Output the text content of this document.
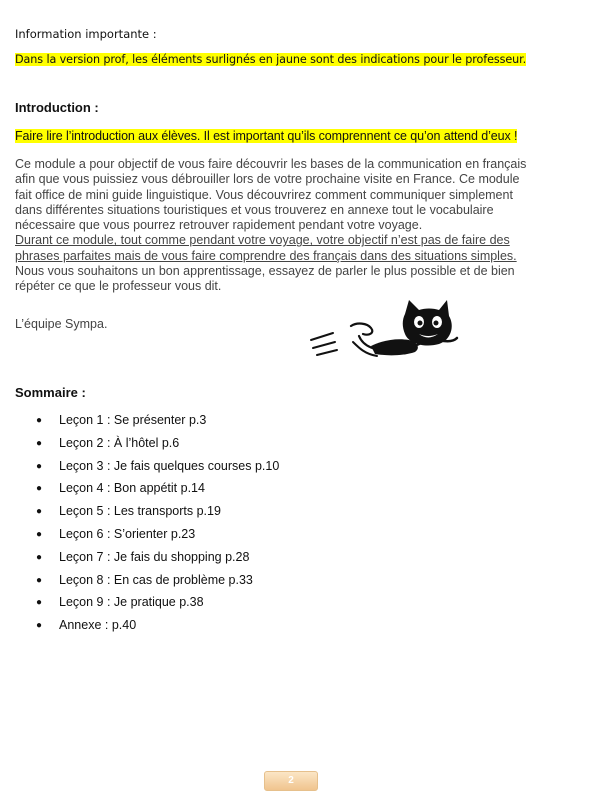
Information importante :
Dans la version prof, les éléments surlignés en jaune sont des indications pour le professeur.
Introduction :
Faire lire l’introduction aux élèves. Il est important qu’ils comprennent ce qu’on attend d’eux !
Ce module a pour objectif de vous faire découvrir les bases de la communication en français
afin que vous puissiez vous débrouiller lors de votre prochaine visite en France. Ce module
fait office de mini guide linguistique. Vous découvrirez comment communiquer simplement
dans différentes situations touristiques et vous trouverez en annexe tout le vocabulaire
nécessaire que vous pourrez retrouver rapidement pendant votre voyage.
Durant ce module, tout comme pendant votre voyage, votre objectif n’est pas de faire des
phrases parfaites mais de vous faire comprendre des français dans des situations simples.
Nous vous souhaitons un bon apprentissage, essayez de parler le plus possible et de bien
répéter ce que le professeur vous dit.
L’équipe Sympa.
Sommaire :
●	Leçon 1 : Se présenter p.3
●	Leçon 2 : À l’hôtel p.6
●	Leçon 3 : Je fais quelques courses p.10
●	Leçon 4 : Bon appétit p.14
●	Leçon 5 : Les transports p.19
●	Leçon 6 : S’orienter p.23
●	Leçon 7 : Je fais du shopping p.28
●	Leçon 8 : En cas de problème p.33
●	Leçon 9 : Je pratique p.38
●	Annexe : p.40
2
